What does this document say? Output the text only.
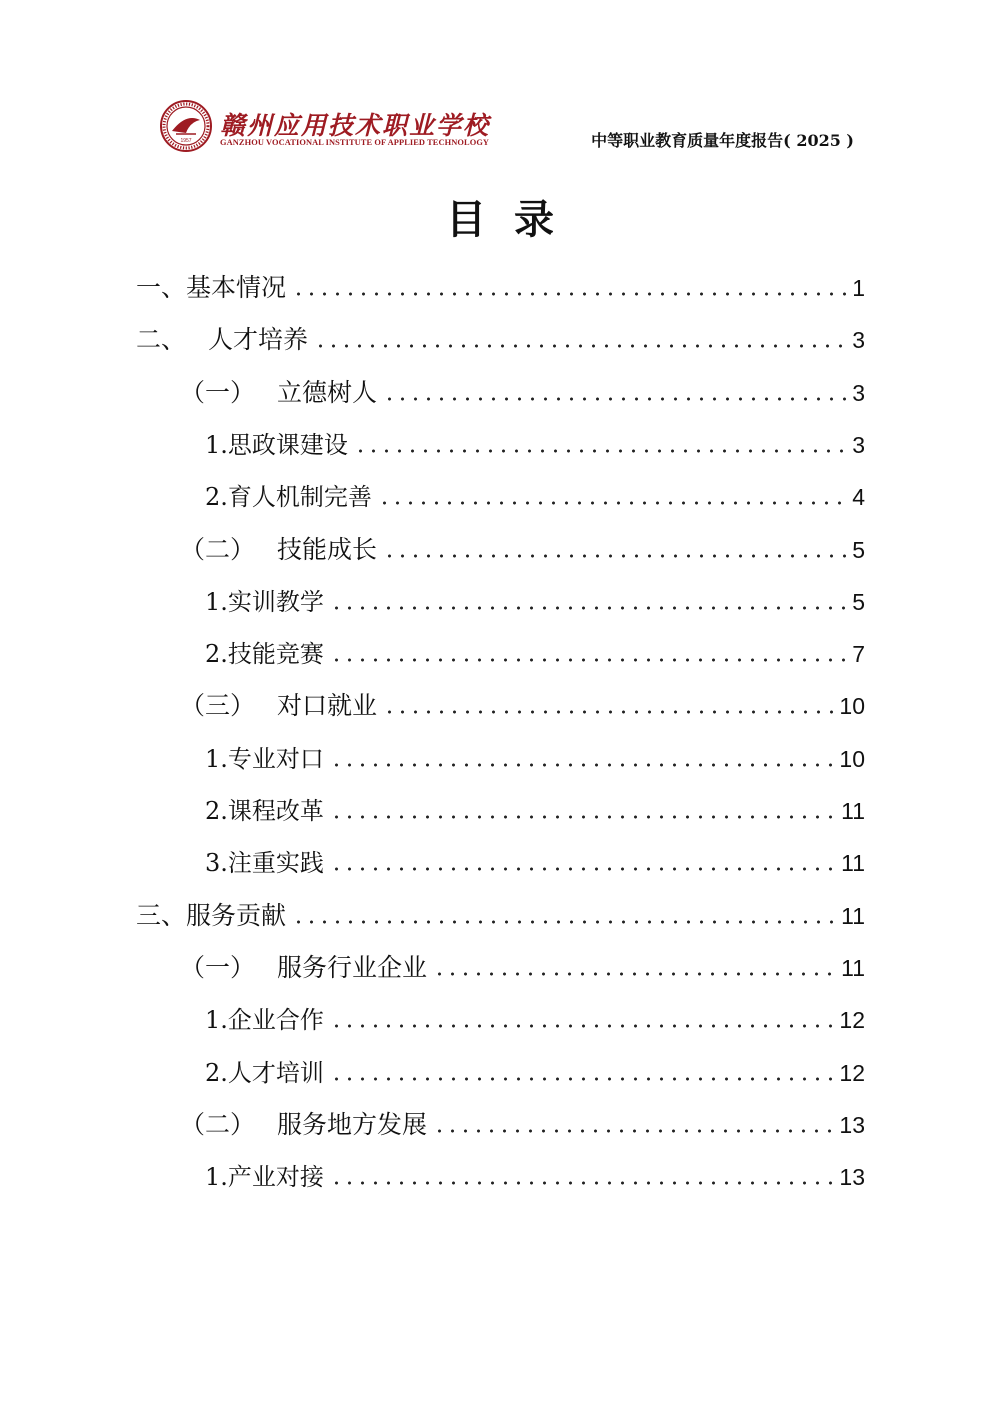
1957
赣州应用技术职业学校
GANZHOU VOCATIONAL INSTITUTE OF APPLIED TECHNOLOGY	中等职业教育质量年度报告( 2025 )
目录
一、基本情况	1
二、 人才培养	3
（一） 立德树人	3
1.思政课建设	3
2.育人机制完善	4
（二） 技能成长	5
1.实训教学	5
2.技能竞赛	7
（三） 对口就业	10
1.专业对口	10
2.课程改革	11
3.注重实践	11
三、服务贡献	11
（一） 服务行业企业	11
1.企业合作	12
2.人才培训	12
（二） 服务地方发展	13
1.产业对接	13
